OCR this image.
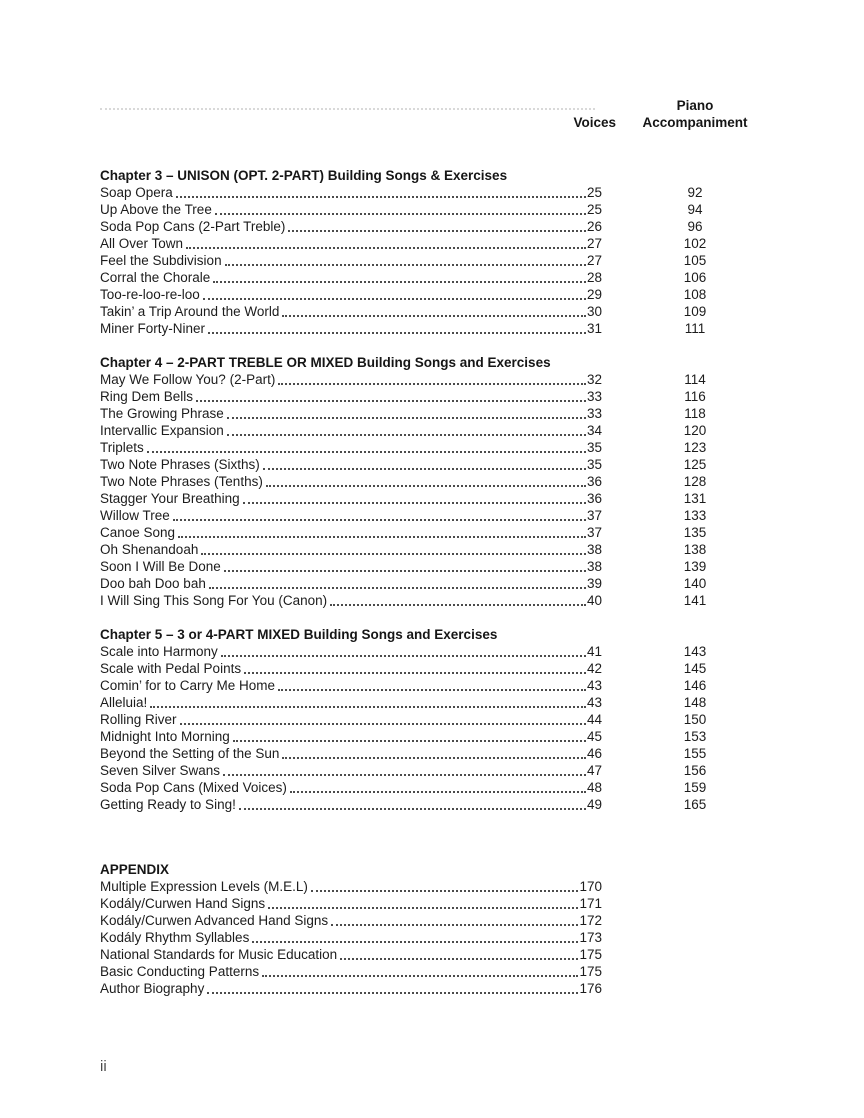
Piano
Voices	Accompaniment
Chapter 3 – UNISON (OPT. 2-PART) Building Songs & Exercises
Soap Opera	25	92
Up Above the Tree	25	94
Soda Pop Cans (2-Part Treble)	26	96
All Over Town	27	102
Feel the Subdivision	27	105
Corral the Chorale	28	106
Too-re-loo-re-loo	29	108
Takin’ a Trip Around the World	30	109
Miner Forty-Niner	31	111
Chapter 4 – 2-PART TREBLE OR MIXED Building Songs and Exercises
May We Follow You? (2-Part)	32	114
Ring Dem Bells	33	116
The Growing Phrase	33	118
Intervallic Expansion	34	120
Triplets	35	123
Two Note Phrases (Sixths)	35	125
Two Note Phrases (Tenths)	36	128
Stagger Your Breathing	36	131
Willow Tree	37	133
Canoe Song	37	135
Oh Shenandoah	38	138
Soon I Will Be Done	38	139
Doo bah Doo bah	39	140
I Will Sing This Song For You (Canon)	40	141
Chapter 5 – 3 or 4-PART MIXED Building Songs and Exercises
Scale into Harmony	41	143
Scale with Pedal Points	42	145
Comin’ for to Carry Me Home	43	146
Alleluia!	43	148
Rolling River	44	150
Midnight Into Morning	45	153
Beyond the Setting of the Sun	46	155
Seven Silver Swans	47	156
Soda Pop Cans (Mixed Voices)	48	159
Getting Ready to Sing!	49	165
APPENDIX
Multiple Expression Levels (M.E.L)	170
Kodály/Curwen Hand Signs	171
Kodály/Curwen Advanced Hand Signs	172
Kodály Rhythm Syllables	173
National Standards for Music Education	175
Basic Conducting Patterns	175
Author Biography	176
ii
